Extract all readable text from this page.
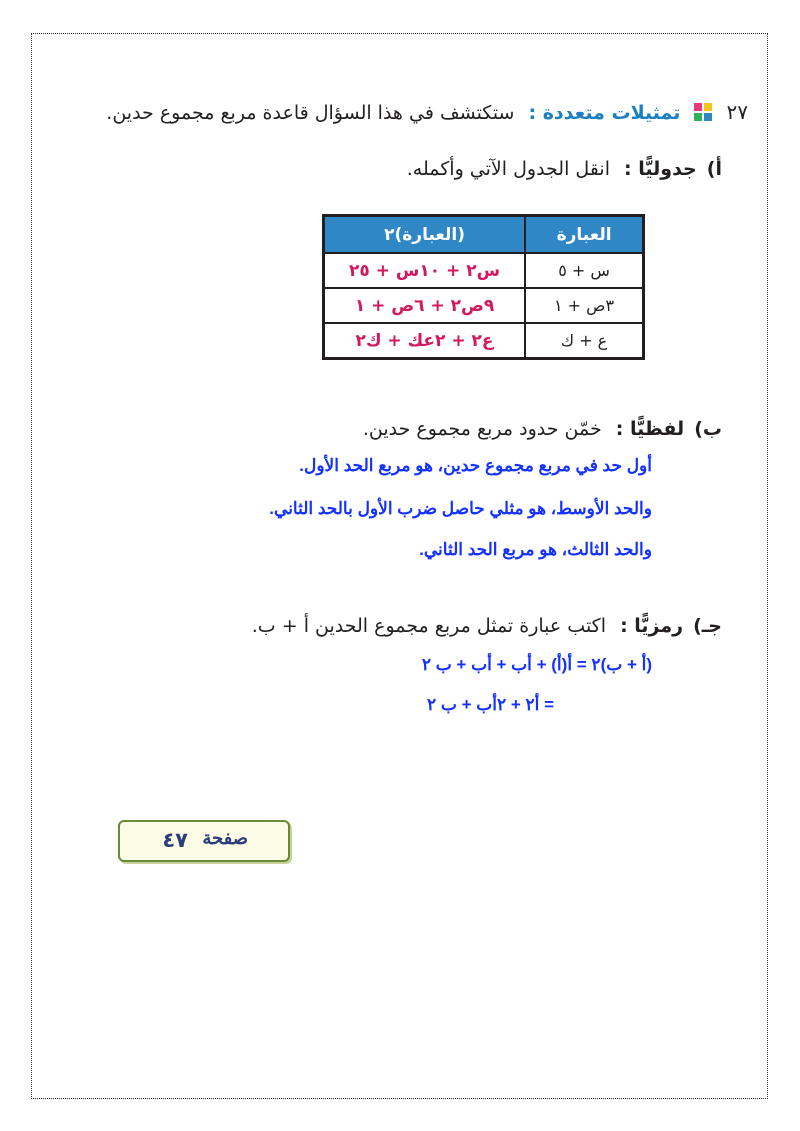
٢٧  تمثيلات متعددة : ستكتشف في هذا السؤال قاعدة مربع مجموع حدين.
أ) جدوليًّا : انقل الجدول الآتي وأكمله.
العبارة	(العبارة)٢
س + ٥	س٢ + ١٠س + ٢٥
٣ص + ١	٩ص٢ + ٦ص + ١
ع + ك	ع٢ + ٢عك + ك٢
ب) لفظيًّا : خمّن حدود مربع مجموع حدين.
أول حد في مربع مجموع حدين، هو مربع الحد الأول.
والحد الأوسط، هو مثلي حاصل ضرب الأول بالحد الثاني.
والحد الثالث، هو مربع الحد الثاني.
جـ) رمزيًّا : اكتب عبارة تمثل مربع مجموع الحدين أ + ب.
(أ + ب)٢ = أ(أ) + أب + أب + ب ٢
= أ٢ + ٢أب + ب ٢
صفحة
٤٧
